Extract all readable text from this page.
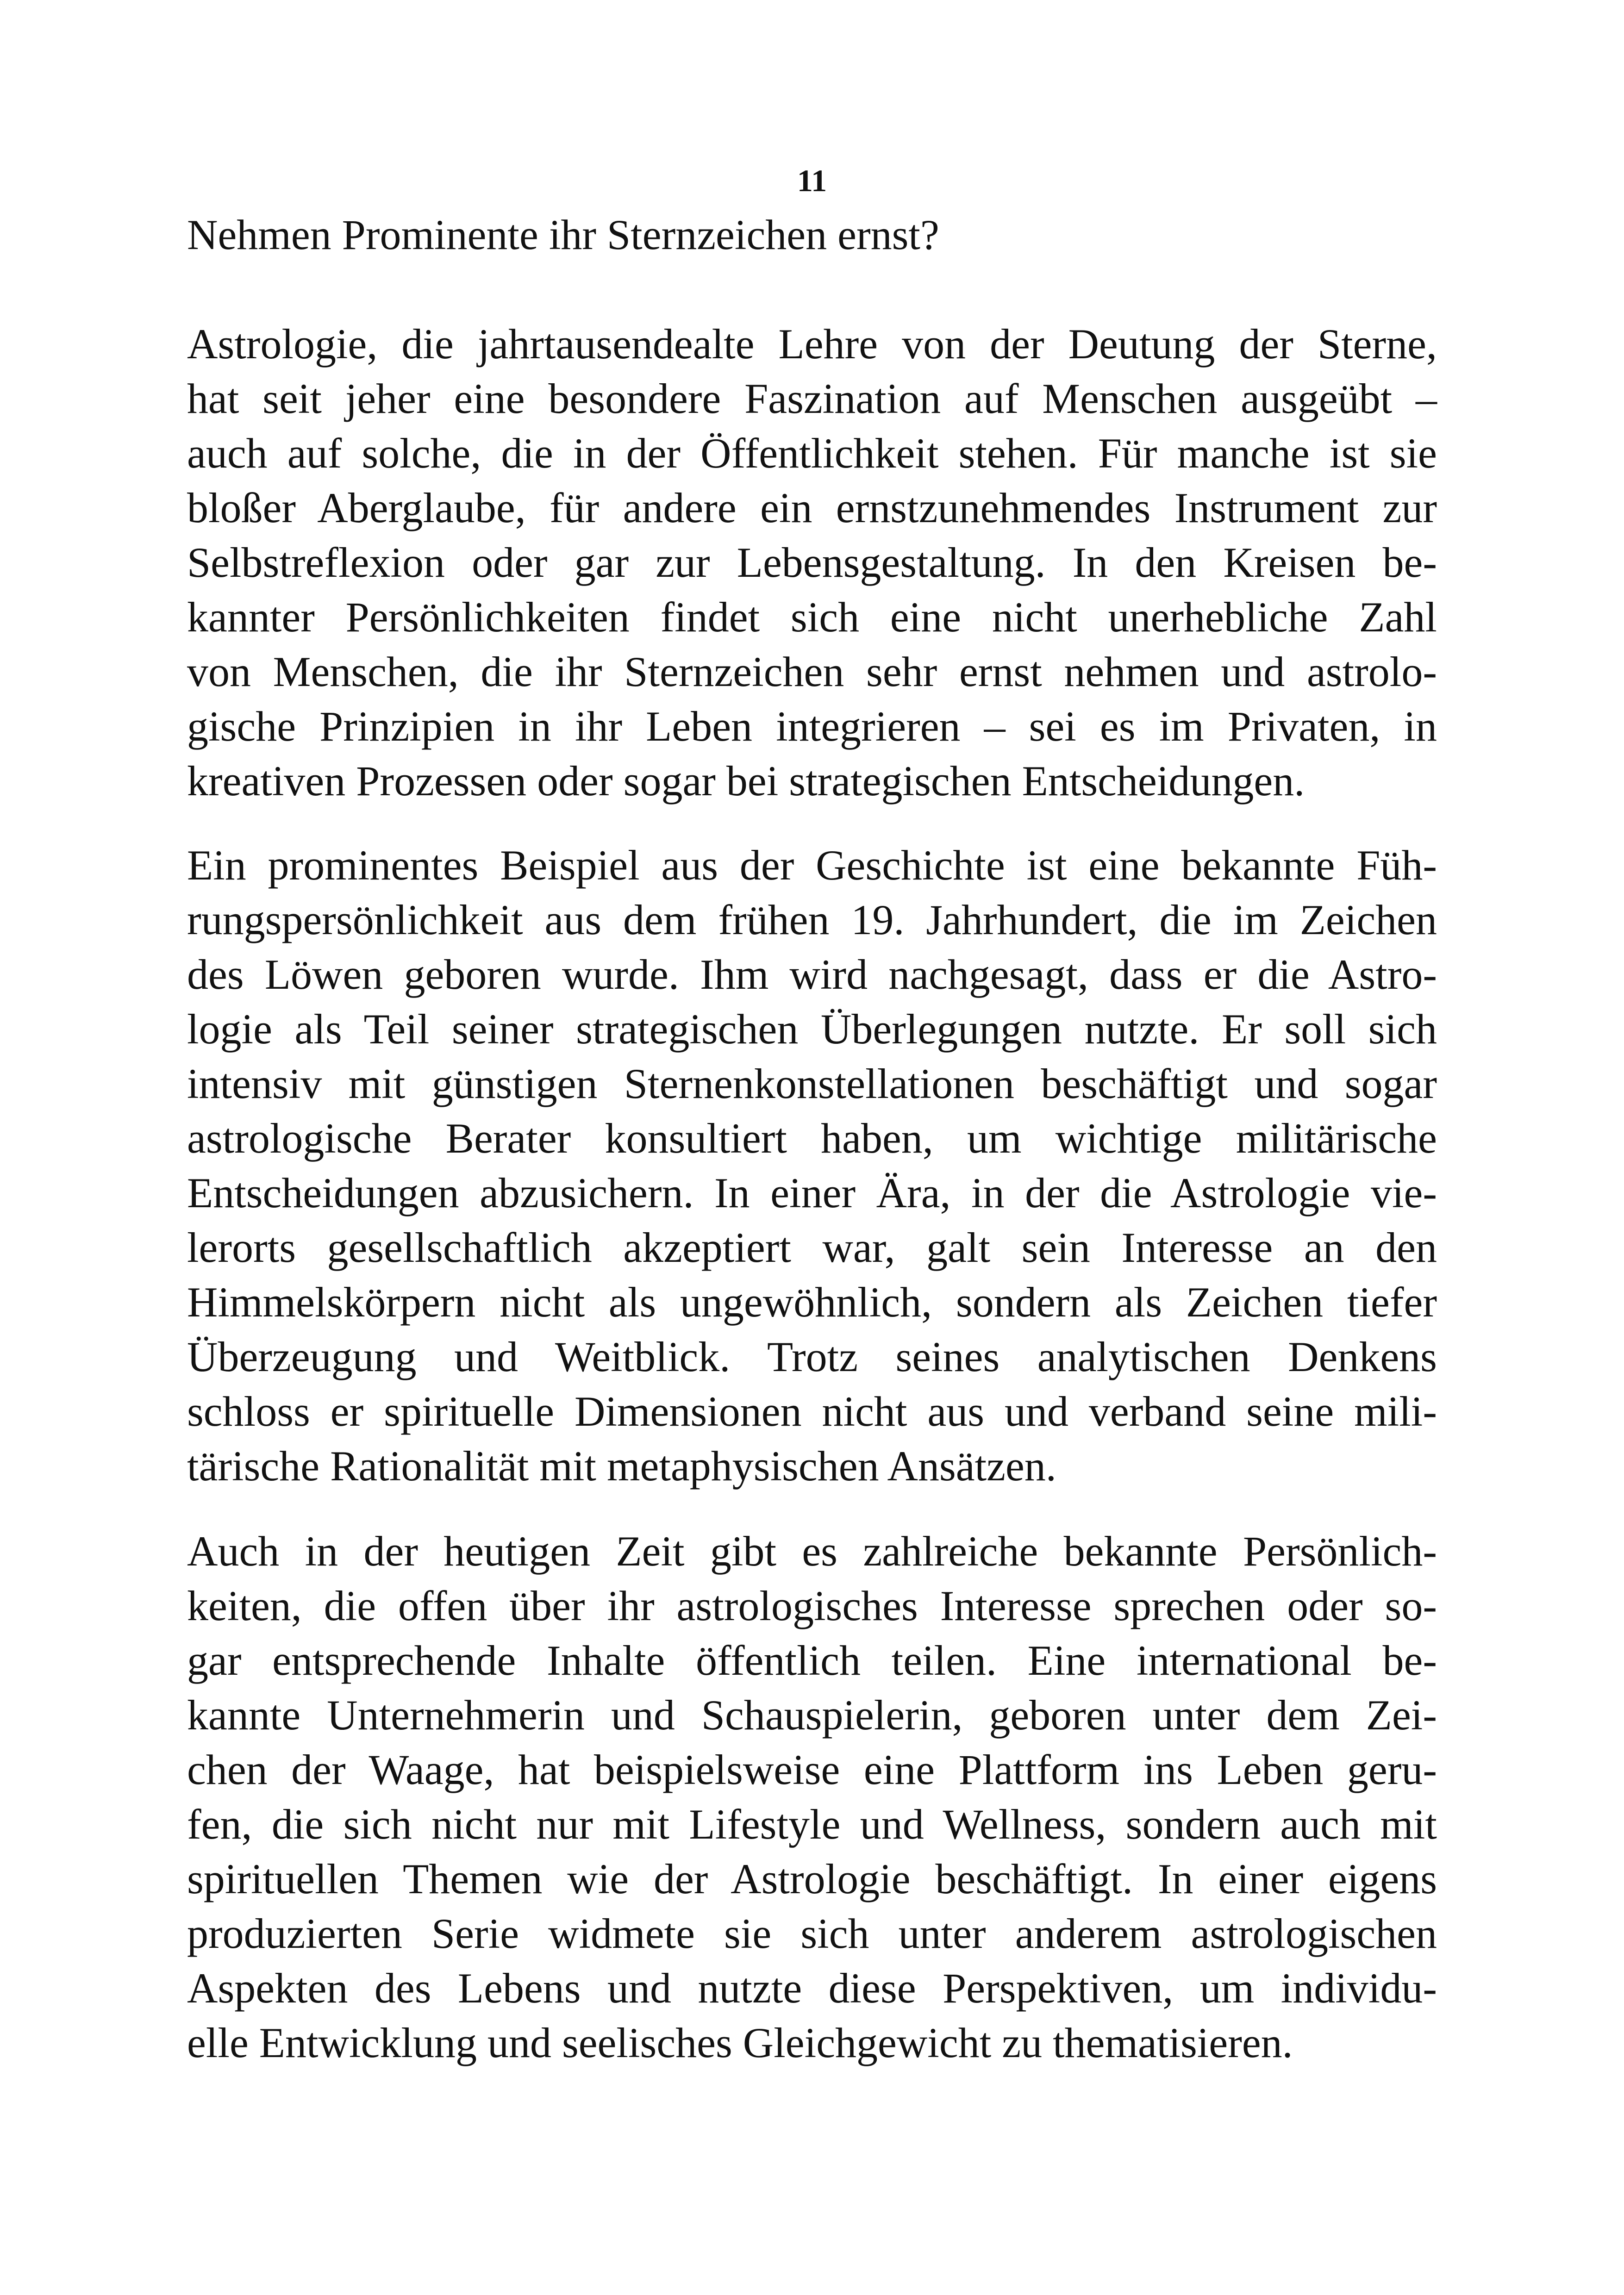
11
Nehmen Prominente ihr Sternzeichen ernst?

Astrologie, die jahrtausendealte Lehre von der Deutung der Sterne,
hat seit jeher eine besondere Faszination auf Menschen ausgeübt –
auch auf solche, die in der Öffentlichkeit stehen. Für manche ist sie
bloßer Aberglaube, für andere ein ernstzunehmendes Instrument zur
Selbstreflexion oder gar zur Lebensgestaltung. In den Kreisen be-
kannter Persönlichkeiten findet sich eine nicht unerhebliche Zahl
von Menschen, die ihr Sternzeichen sehr ernst nehmen und astrolo-
gische Prinzipien in ihr Leben integrieren – sei es im Privaten, in
kreativen Prozessen oder sogar bei strategischen Entscheidungen.

Ein prominentes Beispiel aus der Geschichte ist eine bekannte Füh-
rungspersönlichkeit aus dem frühen 19. Jahrhundert, die im Zeichen
des Löwen geboren wurde. Ihm wird nachgesagt, dass er die Astro-
logie als Teil seiner strategischen Überlegungen nutzte. Er soll sich
intensiv mit günstigen Sternenkonstellationen beschäftigt und sogar
astrologische Berater konsultiert haben, um wichtige militärische
Entscheidungen abzusichern. In einer Ära, in der die Astrologie vie-
lerorts gesellschaftlich akzeptiert war, galt sein Interesse an den
Himmelskörpern nicht als ungewöhnlich, sondern als Zeichen tiefer
Überzeugung und Weitblick. Trotz seines analytischen Denkens
schloss er spirituelle Dimensionen nicht aus und verband seine mili-
tärische Rationalität mit metaphysischen Ansätzen.

Auch in der heutigen Zeit gibt es zahlreiche bekannte Persönlich-
keiten, die offen über ihr astrologisches Interesse sprechen oder so-
gar entsprechende Inhalte öffentlich teilen. Eine international be-
kannte Unternehmerin und Schauspielerin, geboren unter dem Zei-
chen der Waage, hat beispielsweise eine Plattform ins Leben geru-
fen, die sich nicht nur mit Lifestyle und Wellness, sondern auch mit
spirituellen Themen wie der Astrologie beschäftigt. In einer eigens
produzierten Serie widmete sie sich unter anderem astrologischen
Aspekten des Lebens und nutzte diese Perspektiven, um individu-
elle Entwicklung und seelisches Gleichgewicht zu thematisieren.
